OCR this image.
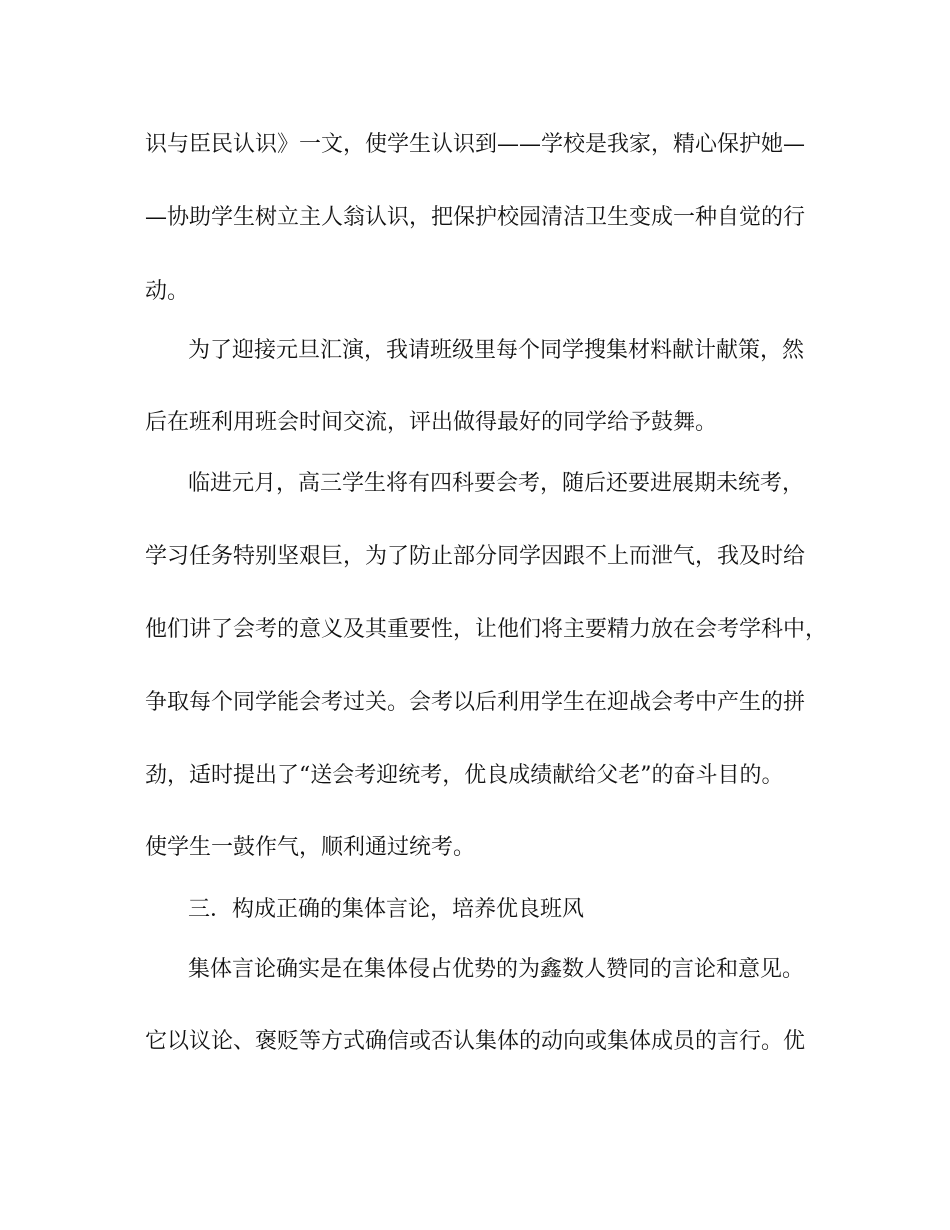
识与臣民认识》一文，使学生认识到——学校是我家，精心保护她—
—协助学生树立主人翁认识，把保护校园清洁卫生变成一种自觉的行
动。
为了迎接元旦汇演，我请班级里每个同学搜集材料献计献策，然
后在班利用班会时间交流，评出做得最好的同学给予鼓舞。
临进元月，高三学生将有四科要会考，随后还要进展期未统考，
学习任务特别坚艰巨，为了防止部分同学因跟不上而泄气，我及时给
他们讲了会考的意义及其重要性，让他们将主要精力放在会考学科中，
争取每个同学能会考过关。会考以后利用学生在迎战会考中产生的拼
劲，适时提出了“送会考迎统考，优良成绩献给父老”的奋斗目的。
使学生一鼓作气，顺利通过统考。
三．构成正确的集体言论，培养优良班风
集体言论确实是在集体侵占优势的为鑫数人赞同的言论和意见。
它以议论、褒贬等方式确信或否认集体的动向或集体成员的言行。优
